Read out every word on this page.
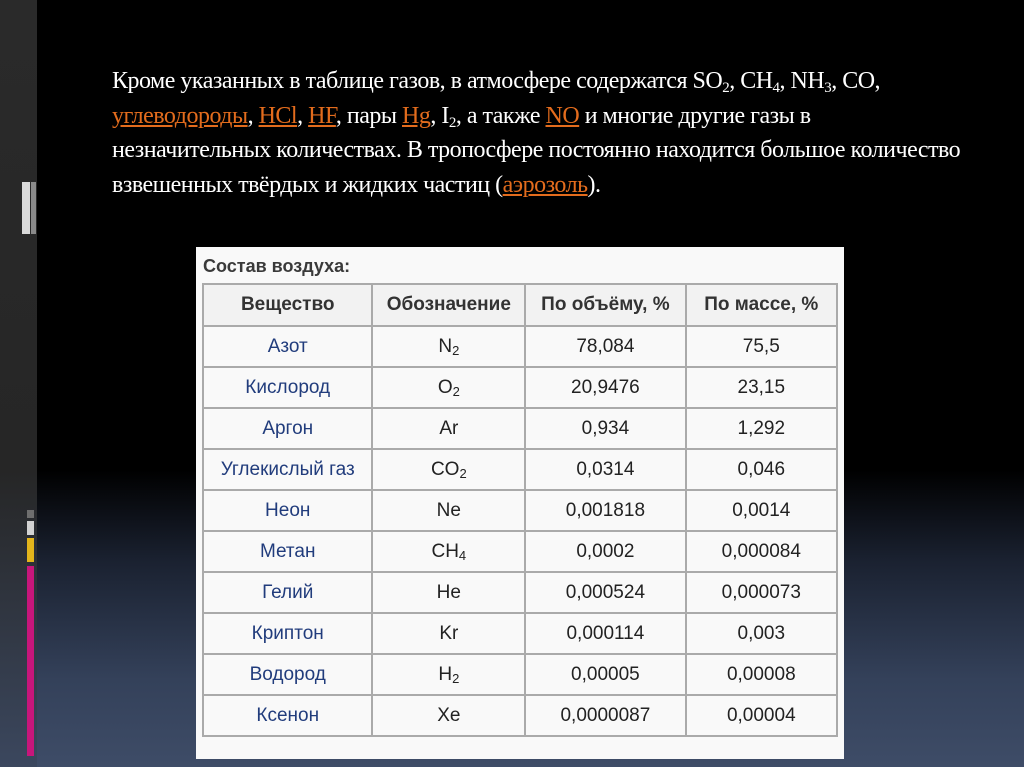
Кроме указанных в таблице газов, в атмосфере содержатся $SO_2$, $CH_4$, $NH_3$, CO, углеводороды, HCl, HF, пары Hg, $I_2$, а также NO и многие другие газы в незначительных количествах. В тропосфере постоянно находится большое количество взвешенных твёрдых и жидких частиц (аэрозоль).
Состав воздуха:
Вещество	Обозначение	По объёму, %	По массе, %
Азот	$N_2$	78,084	75,5
Кислород	$O_2$	20,9476	23,15
Аргон	Ar	0,934	1,292
Углекислый газ	$CO_2$	0,0314	0,046
Неон	Ne	0,001818	0,0014
Метан	$CH_4$	0,0002	0,000084
Гелий	He	0,000524	0,000073
Криптон	Kr	0,000114	0,003
Водород	$H_2$	0,00005	0,00008
Ксенон	Xe	0,0000087	0,00004
